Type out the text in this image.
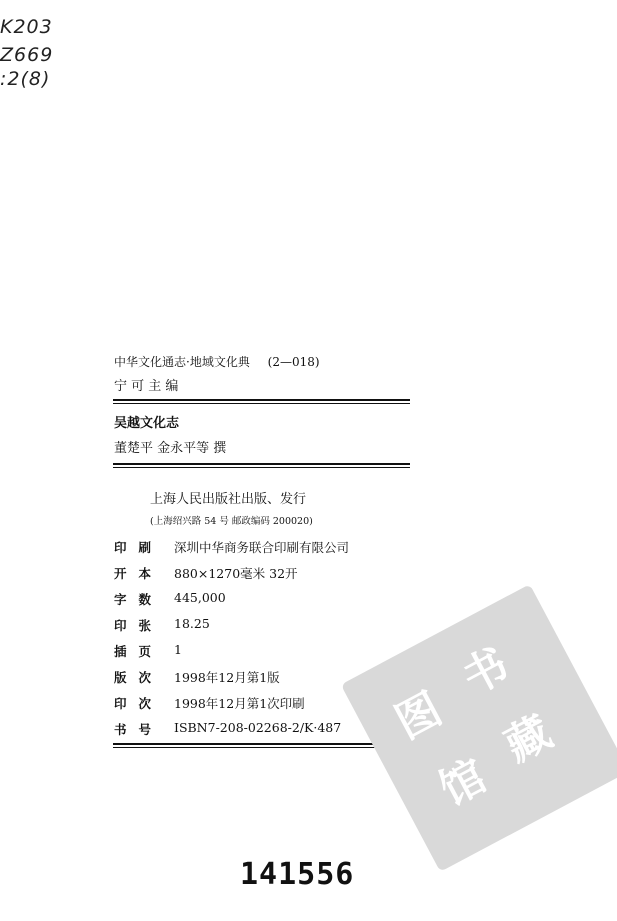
K203
Z669
:2(8)
中华文化通志·地域文化典 (2—018)
宁 可 主 编
吴越文化志
董楚平 金永平等 撰
上海人民出版社出版、发行
(上海绍兴路 54 号 邮政编码 200020)
印刷 深圳中华商务联合印刷有限公司
开本 880×1270毫米 32开
字数 445,000
印张 18.25
插页 1
版次 1998年12月第1版
印次 1998年12月第1次印刷
书号 ISBN7-208-02268-2/K·487 图
书
馆
藏
141556
